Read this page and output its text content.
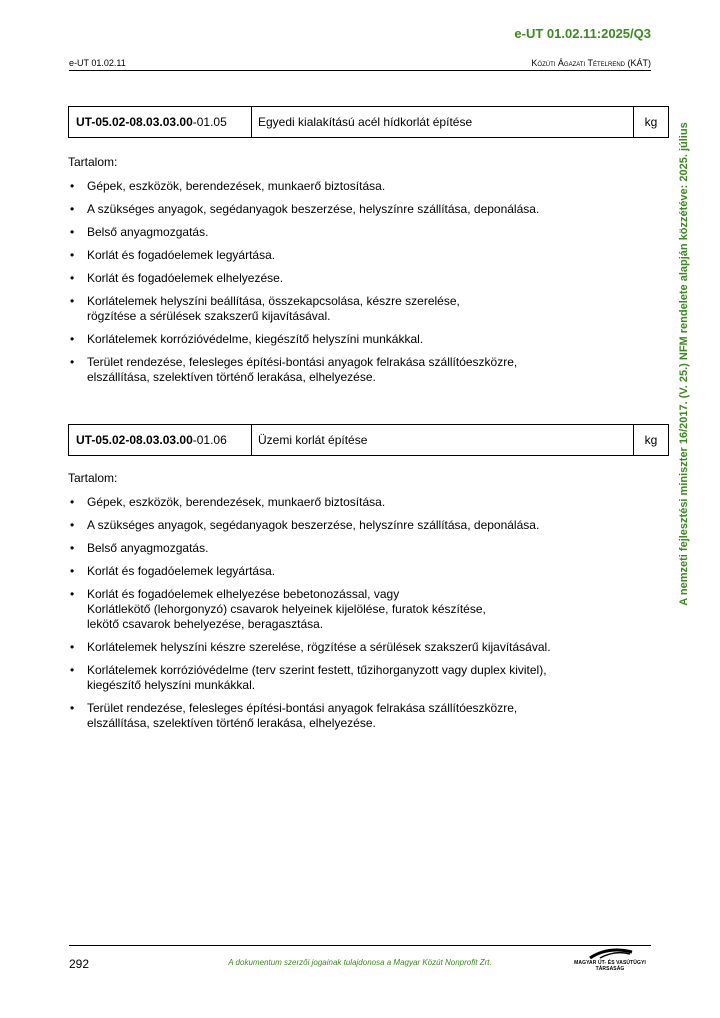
e-UT 01.02.11:2025/Q3
e-UT 01.02.11	Közúti Ágazati Tételrend (KÁT)
A nemzeti fejlesztési miniszter 16/2017. (V. 25.) NFM rendelete alapján közzétéve: 2025. július
UT-05.02-08.03.03.00-01.05	Egyedi kialakítású acél hídkorlát építése	kg
Tartalom:
• Gépek, eszközök, berendezések, munkaerő biztosítása.
• A szükséges anyagok, segédanyagok beszerzése, helyszínre szállítása, deponálása.
• Belső anyagmozgatás.
• Korlát és fogadóelemek legyártása.
• Korlát és fogadóelemek elhelyezése.
• Korlátelemek helyszíni beállítása, összekapcsolása, készre szerelése,
rögzítése a sérülések szakszerű kijavításával.
• Korlátelemek korrózióvédelme, kiegészítő helyszíni munkákkal.
• Terület rendezése, felesleges építési-bontási anyagok felrakása szállítóeszközre,
elszállítása, szelektíven történő lerakása, elhelyezése.
UT-05.02-08.03.03.00-01.06	Üzemi korlát építése	kg
Tartalom:
• Gépek, eszközök, berendezések, munkaerő biztosítása.
• A szükséges anyagok, segédanyagok beszerzése, helyszínre szállítása, deponálása.
• Belső anyagmozgatás.
• Korlát és fogadóelemek legyártása.
• Korlát és fogadóelemek elhelyezése bebetonozással, vagy
Korlátlekötő (lehorgonyzó) csavarok helyeinek kijelölése, furatok készítése,
lekötő csavarok behelyezése, beragasztása.
• Korlátelemek helyszíni készre szerelése, rögzítése a sérülések szakszerű kijavításával.
• Korlátelemek korrózióvédelme (terv szerint festett, tűzihorganyzott vagy duplex kivitel),
kiegészítő helyszíni munkákkal.
• Terület rendezése, felesleges építési-bontási anyagok felrakása szállítóeszközre,
elszállítása, szelektíven történő lerakása, elhelyezése.
292	A dokumentum szerzői jogainak tulajdonosa a Magyar Közút Nonprofit Zrt.	MAGYAR ÚT- ÉS VASÚTÜGYI TÁRSASÁG
